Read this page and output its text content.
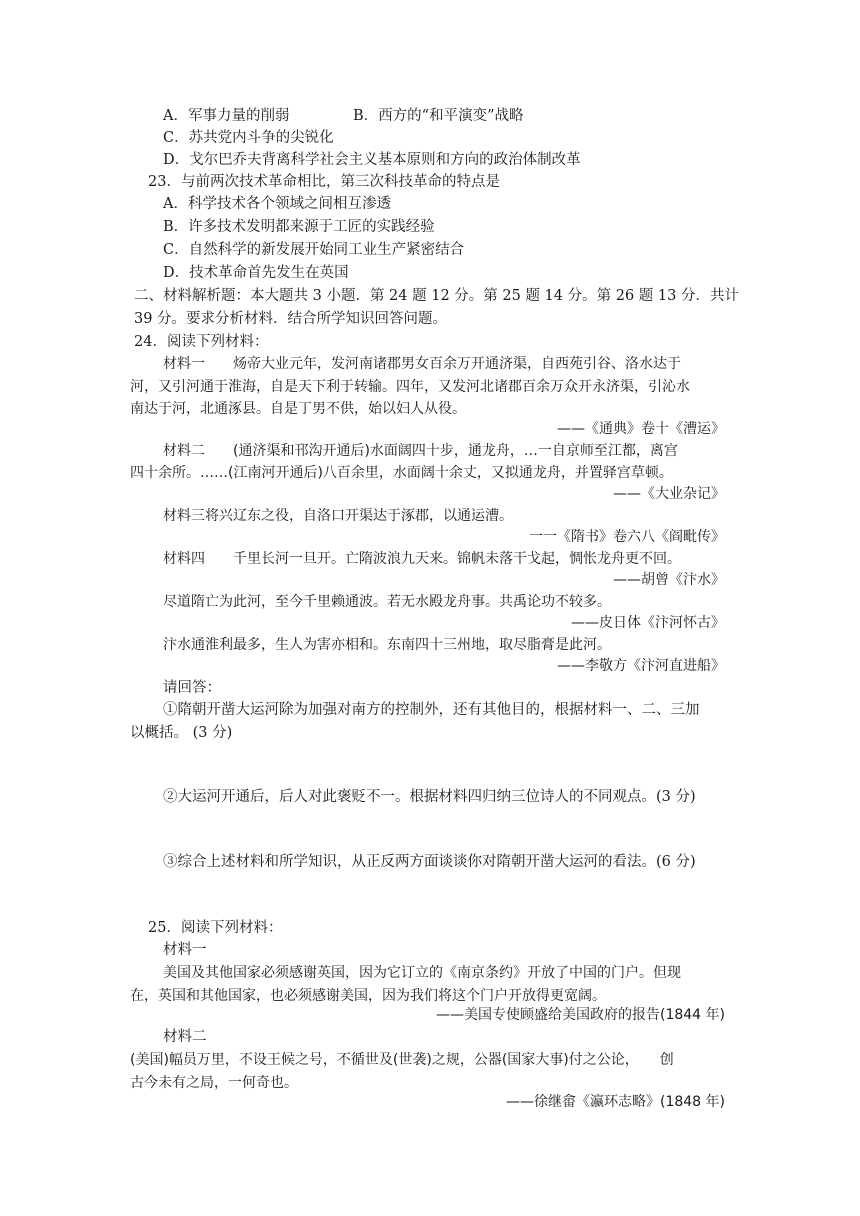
A．军事力量的削弱	B．西方的“和平演变”战略
C．苏共党内斗争的尖锐化
D．戈尔巴乔夫背离科学社会主义基本原则和方向的政治体制改革
23．与前两次技术革命相比，第三次科技革命的特点是
A．科学技术各个领域之间相互渗透
B．许多技术发明都来源于工匠的实践经验
C．自然科学的新发展开始同工业生产紧密结合
D．技术革命首先发生在英国
二、材料解析题：本大题共 3 小题．第 24 题 12 分。第 25 题 14 分。第 26 题 13 分．共计
39 分。要求分析材料．结合所学知识回答问题。
24．阅读下列材料：
材料一　　炀帝大业元年，发河南诸郡男女百余万开通济渠，自西苑引谷、洛水达于
河，又引河通于淮海，自是天下利于转输。四年，又发河北诸郡百余万众开永济渠，引沁水
南达于河，北通涿县。自是丁男不供，始以妇人从役。
——《通典》卷十《漕运》
材料二　　(通济渠和邗沟开通后)水面阔四十步，通龙舟，…一自京师至江都，离宫
四十余所。……(江南河开通后)八百余里，水面阔十余丈，又拟通龙舟，并置驿宫草顿。
——《大业杂记》
材料三将兴辽东之役，自洛口开渠达于涿郡，以通运漕。
一一《隋书》卷六八《阎毗传》
材料四　　千里长河一旦开。亡隋波浪九天来。锦帆未落干戈起，惆怅龙舟更不回。
——胡曾《汴水》
尽道隋亡为此河，至今千里赖通波。若无水殿龙舟事。共禹论功不较多。
——皮日体《汴河怀古》
汴水通淮利最多，生人为害亦相和。东南四十三州地，取尽脂膏是此河。
——李敬方《汴河直进船》
请回答：
①隋朝开凿大运河除为加强对南方的控制外，还有其他目的，根据材料一、二、三加
以概括。 (3 分)
②大运河开通后，后人对此褒贬不一。根据材料四归纳三位诗人的不同观点。(3 分)
③综合上述材料和所学知识，从正反两方面谈谈你对隋朝开凿大运河的看法。(6 分)
25．阅读下列材料：
材料一
美国及其他国家必须感谢英国，因为它订立的《南京条约》开放了中国的门户。但现
在，英国和其他国家，也必须感谢美国，因为我们将这个门户开放得更宽阔。
——美国专使顾盛给美国政府的报告(1844 年)
材料二
(美国)幅员万里，不设王候之号，不循世及(世袭)之规，公器(国家大事)付之公论，　　创
古今未有之局，一何奇也。
——徐继畲《瀛环志略》(1848 年)
